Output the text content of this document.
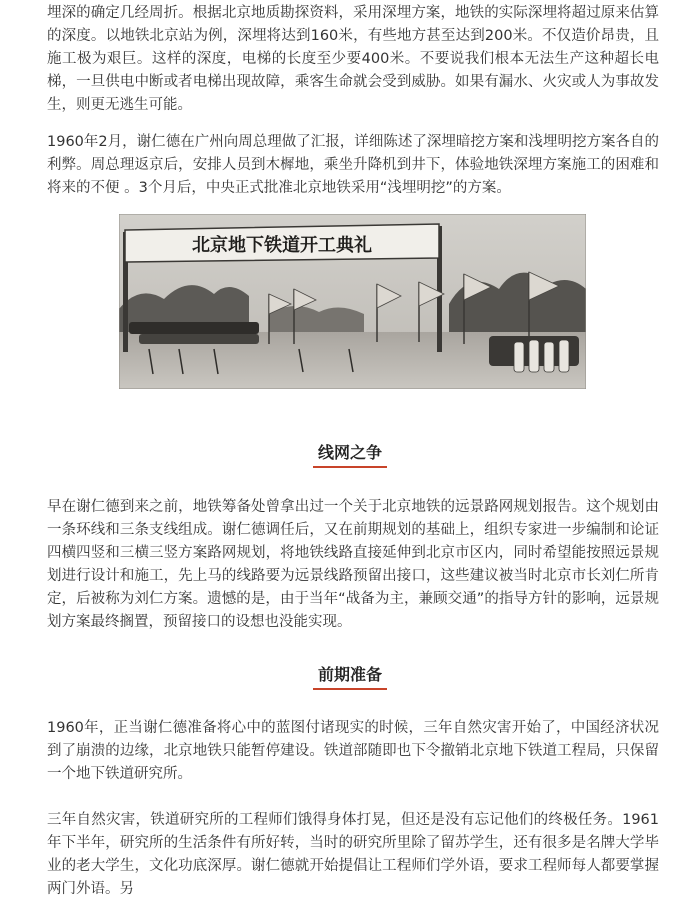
埋深的确定几经周折。根据北京地质勘探资料，采用深埋方案，地铁的实际深埋将超过原来估算的深度。以地铁北京站为例，深埋将达到160米，有些地方甚至达到200米。不仅造价昂贵，且施工极为艰巨。这样的深度，电梯的长度至少要400米。不要说我们根本无法生产这种超长电梯，一旦供电中断或者电梯出现故障，乘客生命就会受到威胁。如果有漏水、火灾或人为事故发生，则更无逃生可能。

1960年2月，谢仁德在广州向周总理做了汇报，详细陈述了深埋暗挖方案和浅埋明挖方案各自的利弊。周总理返京后，安排人员到木樨地，乘坐升降机到井下，体验地铁深埋方案施工的困难和将来的不便 。3个月后，中央正式批准北京地铁采用“浅埋明挖”的方案。

北京地下铁道开工典礼
线网之争

早在谢仁德到来之前，地铁筹备处曾拿出过一个关于北京地铁的远景路网规划报告。这个规划由一条环线和三条支线组成。谢仁德调任后，又在前期规划的基础上，组织专家进一步编制和论证四横四竖和三横三竖方案路网规划，将地铁线路直接延伸到北京市区内，同时希望能按照远景规划进行设计和施工，先上马的线路要为远景线路预留出接口，这些建议被当时北京市长刘仁所肯定，后被称为刘仁方案。遗憾的是，由于当年“战备为主，兼顾交通”的指导方针的影响，远景规划方案最终搁置，预留接口的设想也没能实现。

前期准备

1960年，正当谢仁德准备将心中的蓝图付诸现实的时候，三年自然灾害开始了，中国经济状况到了崩溃的边缘，北京地铁只能暂停建设。铁道部随即也下令撤销北京地下铁道工程局，只保留一个地下铁道研究所。

三年自然灾害，铁道研究所的工程师们饿得身体打晃，但还是没有忘记他们的终极任务。1961年下半年，研究所的生活条件有所好转，当时的研究所里除了留苏学生，还有很多是名牌大学毕业的老大学生，文化功底深厚。谢仁德就开始提倡让工程师们学外语，要求工程师每人都要掌握两门外语。另
